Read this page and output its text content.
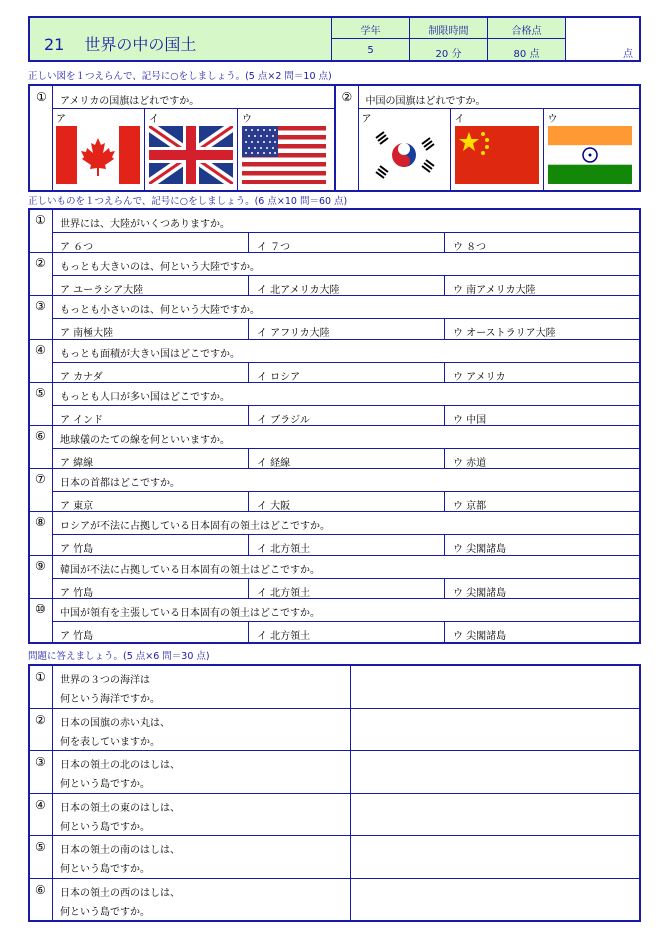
21 世界の中の国土
学年
5
制限時間
20 分
合格点
80 点	点
正しい図を１つえらんで、記号に○をしましょう。(5 点×2 問＝10 点)
① アメリカの国旗はどれですか。
ア	イ	ウ
② 中国の国旗はどれですか。
ア	イ	ウ
正しいものを１つえらんで、記号に○をしましょう。(6 点×10 問＝60 点)
① 世界には、大陸がいくつありますか。
ア ６つ	イ ７つ	ウ ８つ
② もっとも大きいのは、何という大陸ですか。
ア ユーラシア大陸	イ 北アメリカ大陸	ウ 南アメリカ大陸
③ もっとも小さいのは、何という大陸ですか。
ア 南極大陸	イ アフリカ大陸	ウ オーストラリア大陸
④ もっとも面積が大きい国はどこですか。
ア カナダ	イ ロシア	ウ アメリカ
⑤ もっとも人口が多い国はどこですか。
ア インド	イ ブラジル	ウ 中国
⑥ 地球儀のたての線を何といいますか。
ア 緯線	イ 経線	ウ 赤道
⑦ 日本の首都はどこですか。
ア 東京	イ 大阪	ウ 京都
⑧ ロシアが不法に占拠している日本固有の領土はどこですか。
ア 竹島	イ 北方領土	ウ 尖閣諸島
⑨ 韓国が不法に占拠している日本固有の領土はどこですか。
ア 竹島	イ 北方領土	ウ 尖閣諸島
⑩ 中国が領有を主張している日本固有の領土はどこですか。
ア 竹島	イ 北方領土	ウ 尖閣諸島
問題に答えましょう。(5 点×6 問＝30 点)
① 世界の３つの海洋は
何という海洋ですか。
② 日本の国旗の赤い丸は、
何を表していますか。
③ 日本の領土の北のはしは、
何という島ですか。
④ 日本の領土の東のはしは、
何という島ですか。
⑤ 日本の領土の南のはしは、
何という島ですか。
⑥ 日本の領土の西のはしは、
何という島ですか。
